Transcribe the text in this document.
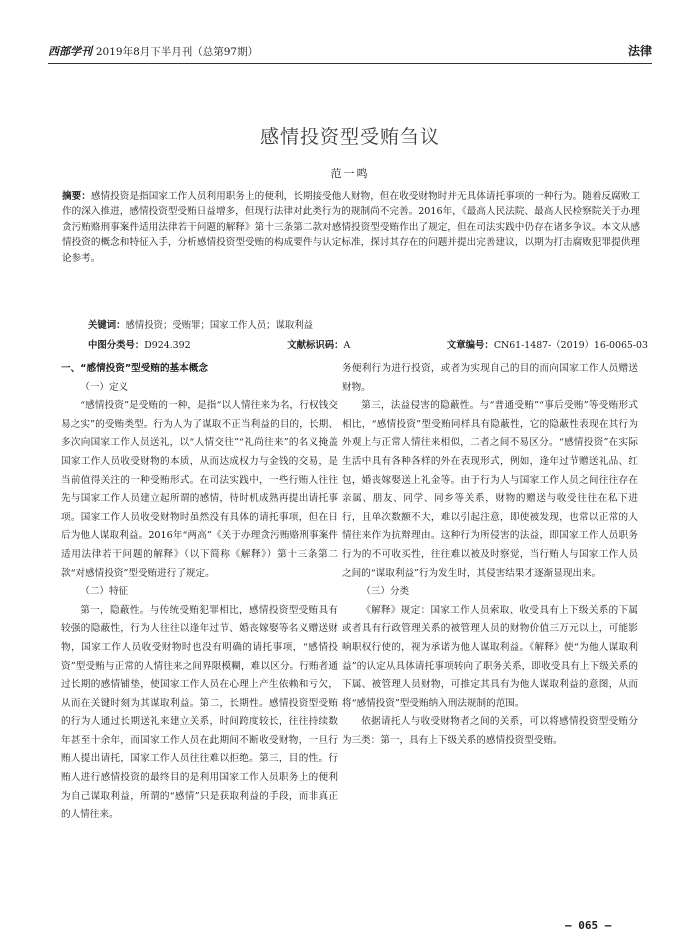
西部学刊 2019年8月下半月刊（总第97期）	法律
感情投资型受贿刍议
范一鸣
摘要：感情投资是指国家工作人员利用职务上的便利，长期接受他人财物，但在收受财物时并无具体请托事项的一种行为。随着反腐败工作的深入推进，感情投资型受贿日益增多，但现行法律对此类行为的规制尚不完善。2016年，《最高人民法院、最高人民检察院关于办理贪污贿赂刑事案件适用法律若干问题的解释》第十三条第二款对感情投资型受贿作出了规定，但在司法实践中仍存在诸多争议。本文从感情投资的概念和特征入手，分析感情投资型受贿的构成要件与认定标准，探讨其存在的问题并提出完善建议，以期为打击腐败犯罪提供理论参考。
关键词：感情投资；受贿罪；国家工作人员；谋取利益
中图分类号：D924.392	文献标识码：A	文章编号：CN61-1487-（2019）16-0065-03

一、“感情投资”型受贿的基本概念

（一）定义

“感情投资”是受贿的一种，是指“以人情往来为名，行权钱交易之实”的受贿类型。行为人为了谋取不正当利益的目的，长期、多次向国家工作人员送礼，以“人情交往”“礼尚往来”的名义掩盖国家工作人员收受财物的本质，从而达成权力与金钱的交易，是当前值得关注的一种受贿形式。在司法实践中，一些行贿人往往先与国家工作人员建立起所谓的感情，待时机成熟再提出请托事项。国家工作人员收受财物时虽然没有具体的请托事项，但在日后为他人谋取利益。2016年“两高”《关于办理贪污贿赂刑事案件适用法律若干问题的解释》（以下简称《解释》）第十三条第二款“对感情投资”型受贿进行了规定。

（二）特征

第一，隐蔽性。与传统受贿犯罪相比，感情投资型受贿具有较强的隐蔽性，行为人往往以逢年过节、婚丧嫁娶等名义赠送财物，国家工作人员收受财物时也没有明确的请托事项，“感情投资”型受贿与正常的人情往来之间界限模糊，难以区分。行贿者通过长期的感情铺垫，使国家工作人员在心理上产生依赖和亏欠，从而在关键时刻为其谋取利益。第二，长期性。感情投资型受贿的行为人通过长期送礼来建立关系，时间跨度较长，往往持续数年甚至十余年，而国家工作人员在此期间不断收受财物，一旦行贿人提出请托，国家工作人员往往难以拒绝。第三，目的性。行贿人进行感情投资的最终目的是利用国家工作人员职务上的便利为自己谋取利益，所谓的“感情”只是获取利益的手段，而非真正的人情往来。

务便利行为进行投资，或者为实现自己的目的而向国家工作人员赠送财物。

第三，法益侵害的隐蔽性。与“普通受贿”“事后受贿”等受贿形式相比，“感情投资”型受贿同样具有隐蔽性，它的隐蔽性表现在其行为外观上与正常人情往来相似，二者之间不易区分。“感情投资”在实际生活中具有各种各样的外在表现形式，例如，逢年过节赠送礼品、红包，婚丧嫁娶送上礼金等。由于行为人与国家工作人员之间往往存在亲属、朋友、同学、同乡等关系，财物的赠送与收受往往在私下进行，且单次数额不大，难以引起注意，即使被发现，也常以正常的人情往来作为抗辩理由。这种行为所侵害的法益，即国家工作人员职务行为的不可收买性，往往难以被及时察觉，当行贿人与国家工作人员之间的“谋取利益”行为发生时，其侵害结果才逐渐显现出来。

（三）分类

《解释》规定：国家工作人员索取、收受具有上下级关系的下属或者具有行政管理关系的被管理人员的财物价值三万元以上，可能影响职权行使的，视为承诺为他人谋取利益。《解释》使“为他人谋取利益”的认定从具体请托事项转向了职务关系，即收受具有上下级关系的下属、被管理人员财物，可推定其具有为他人谋取利益的意图，从而将“感情投资”型受贿纳入刑法规制的范围。

依据请托人与收受财物者之间的关系，可以将感情投资型受贿分为三类：第一，具有上下级关系的感情投资型受贿。

— 065 —
